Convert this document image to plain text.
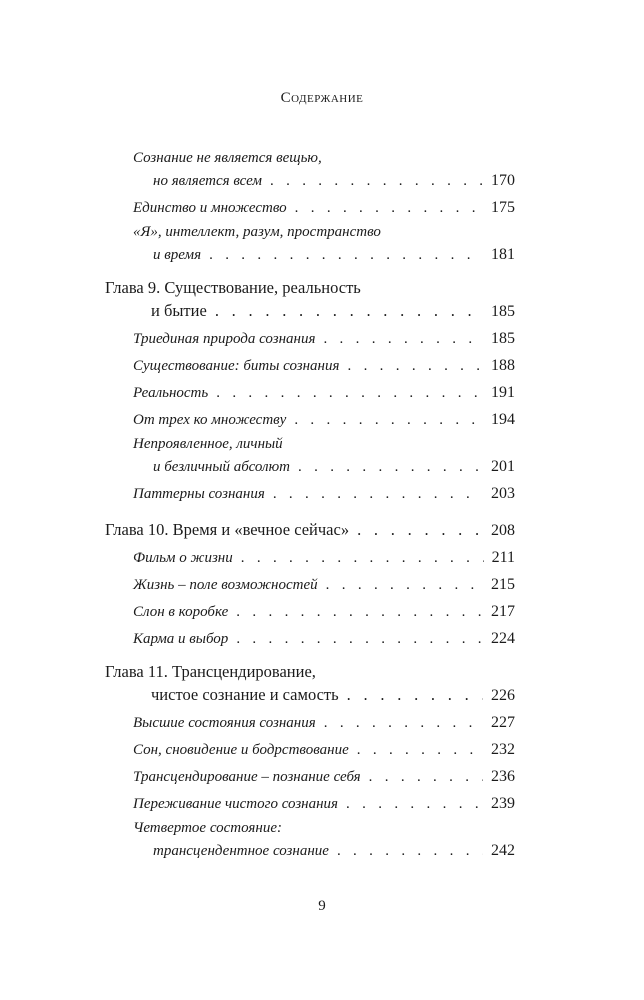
Содержание
Сознание не является вещью,
но является всем . . .	170
Единство и множество . . .	175
«Я», интеллект, разум, пространство
и время . . .	181
Глава 9. Существование, реальность
и бытие . . .	185
Триединая природа сознания . . .	185
Существование: биты сознания . . .	188
Реальность . . .	191
От трех ко множеству . . .	194
Непроявленное, личный
и безличный абсолют . . .	201
Паттерны сознания . . .	203
Глава 10. Время и «вечное сейчас» . . .	208
Фильм о жизни . . .	211
Жизнь – поле возможностей . . .	215
Слон в коробке . . .	217
Карма и выбор . . .	224
Глава 11. Трансцендирование,
чистое сознание и самость . . .	226
Высшие состояния сознания . . .	227
Сон, сновидение и бодрствование . . .	232
Трансцендирование – познание себя . . .	236
Переживание чистого сознания . . .	239
Четвертое состояние:
трансцендентное сознание . . .	242
9
